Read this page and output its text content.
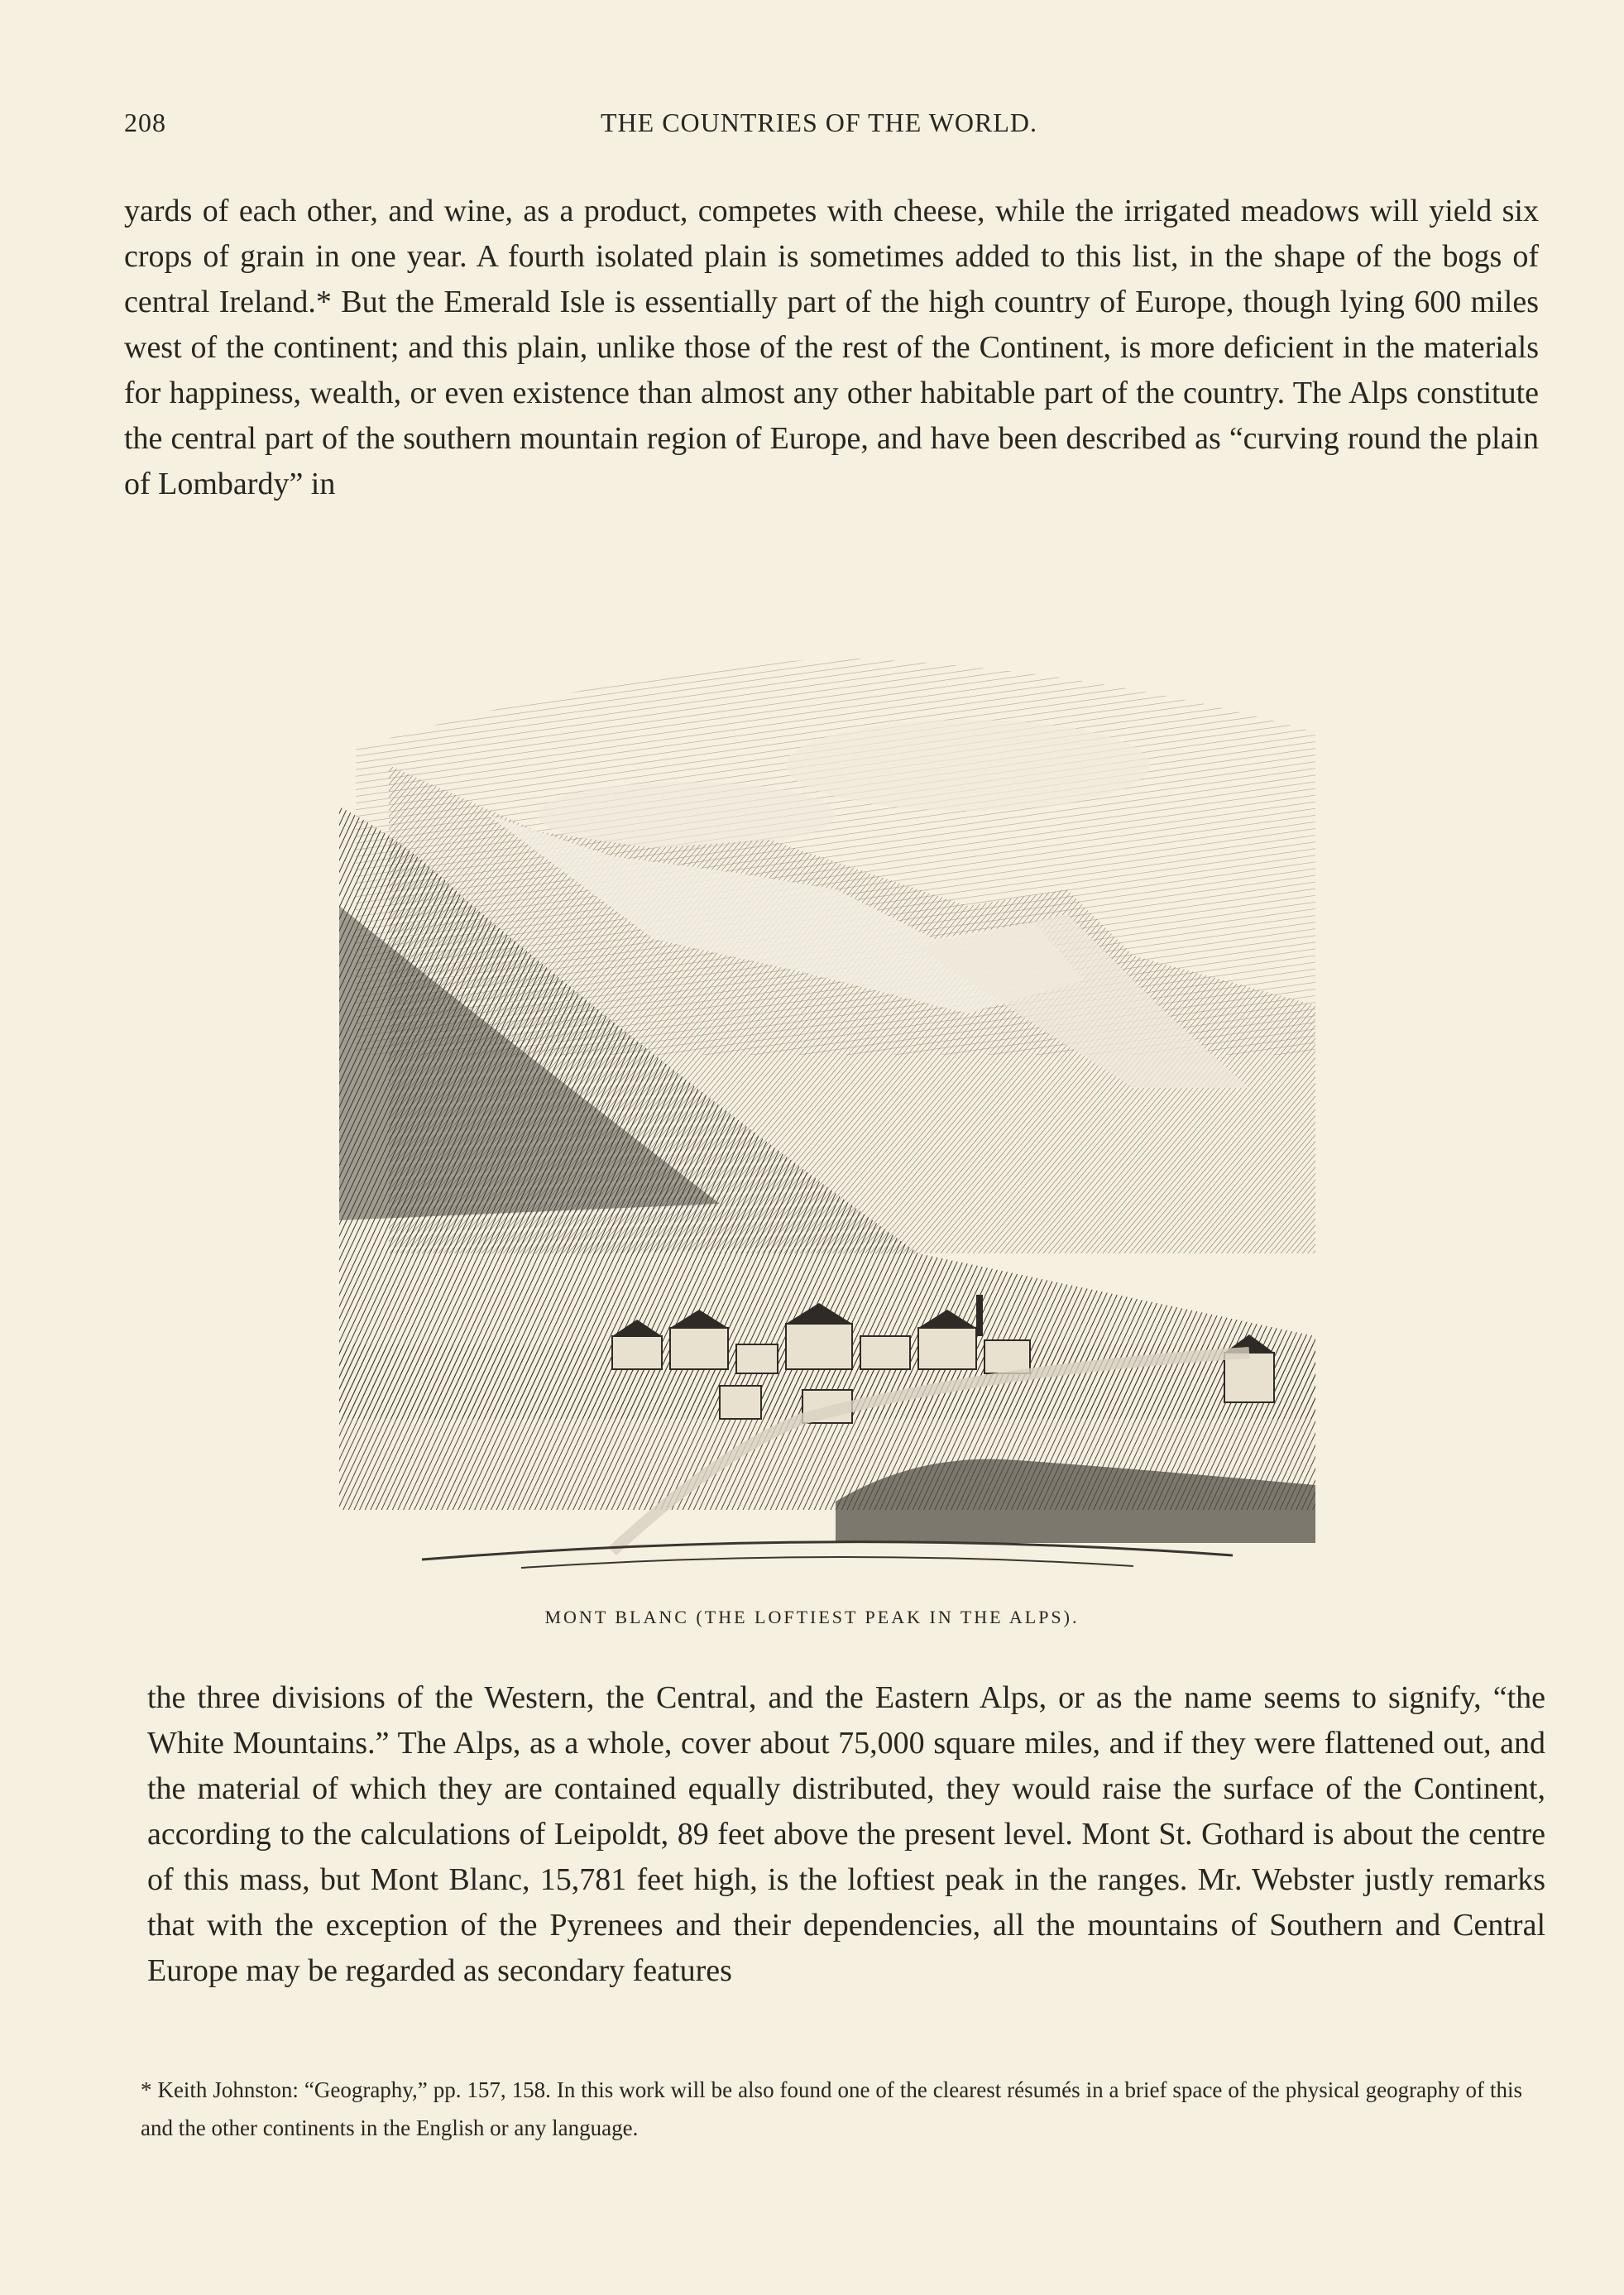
208	THE COUNTRIES OF THE WORLD.

yards of each other, and wine, as a product, competes with cheese, while the irrigated meadows will yield six crops of grain in one year. A fourth isolated plain is sometimes added to this list, in the shape of the bogs of central Ireland.* But the Emerald Isle is essentially part of the high country of Europe, though lying 600 miles west of the continent; and this plain, unlike those of the rest of the Continent, is more deficient in the materials for happiness, wealth, or even existence than almost any other habitable part of the country. The Alps constitute the central part of the southern mountain region of Europe, and have been described as “curving round the plain of Lombardy” in

MONT BLANC (THE LOFTIEST PEAK IN THE ALPS).

the three divisions of the Western, the Central, and the Eastern Alps, or as the name seems to signify, “the White Mountains.” The Alps, as a whole, cover about 75,000 square miles, and if they were flattened out, and the material of which they are contained equally distributed, they would raise the surface of the Continent, according to the calculations of Leipoldt, 89 feet above the present level. Mont St. Gothard is about the centre of this mass, but Mont Blanc, 15,781 feet high, is the loftiest peak in the ranges. Mr. Webster justly remarks that with the exception of the Pyrenees and their dependencies, all the mountains of Southern and Central Europe may be regarded as secondary features

* Keith Johnston: “Geography,” pp. 157, 158. In this work will be also found one of the clearest résumés in a brief space of the physical geography of this and the other continents in the English or any language.
